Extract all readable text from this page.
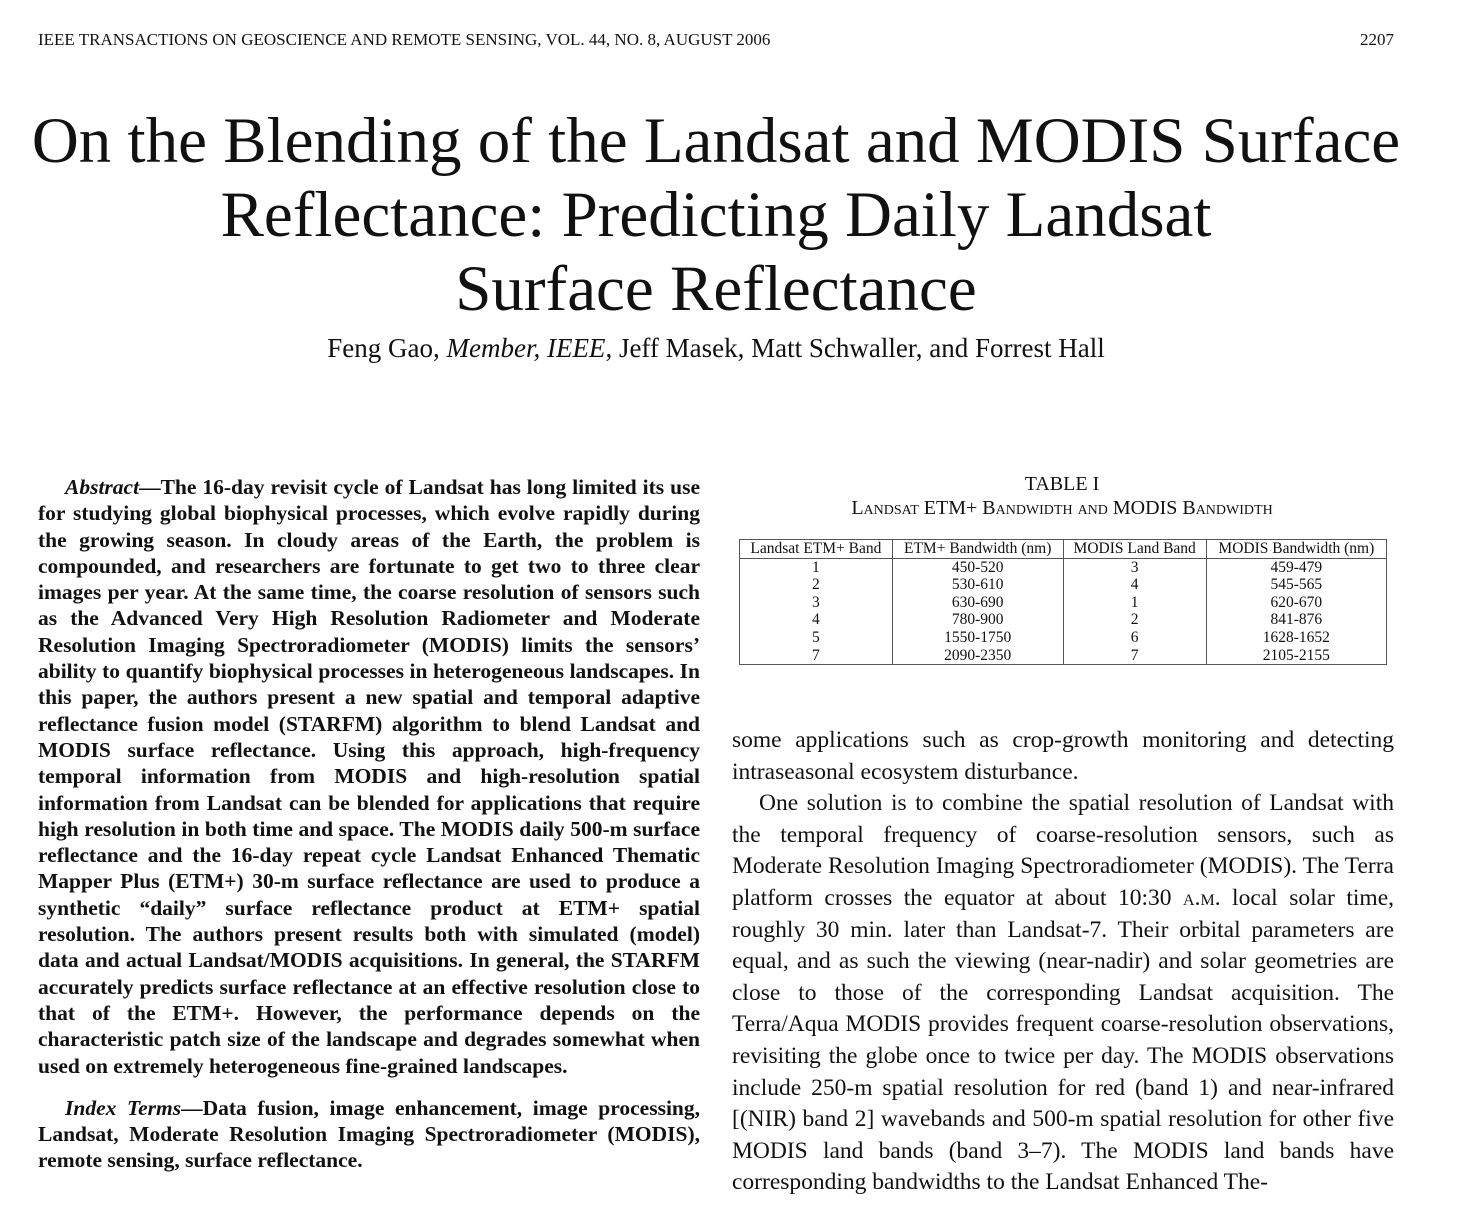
IEEE TRANSACTIONS ON GEOSCIENCE AND REMOTE SENSING, VOL. 44, NO. 8, AUGUST 2006	2207
On the Blending of the Landsat and MODIS Surface
Reflectance: Predicting Daily Landsat
Surface Reflectance
Feng Gao, Member, IEEE, Jeff Masek, Matt Schwaller, and Forrest Hall

Abstract—The 16-day revisit cycle of Landsat has long limited its use for studying global biophysical processes, which evolve rapidly during the growing season. In cloudy areas of the Earth, the problem is compounded, and researchers are fortunate to get two to three clear images per year. At the same time, the coarse resolution of sensors such as the Advanced Very High Resolution Radiometer and Moderate Resolution Imaging Spectroradiometer (MODIS) limits the sensors’ ability to quantify biophysical processes in heterogeneous landscapes. In this paper, the authors present a new spatial and temporal adaptive reflectance fusion model (STARFM) algorithm to blend Landsat and MODIS surface reflectance. Using this approach, high-frequency temporal information from MODIS and high-resolution spatial information from Landsat can be blended for applications that require high resolution in both time and space. The MODIS daily 500-m surface reflectance and the 16-day repeat cycle Landsat Enhanced Thematic Mapper Plus (ETM+) 30-m surface reflectance are used to produce a synthetic “daily” surface reflectance product at ETM+ spatial resolution. The authors present results both with simulated (model) data and actual Landsat/MODIS acquisitions. In general, the STARFM accurately predicts surface reflectance at an effective resolution close to that of the ETM+. However, the performance depends on the characteristic patch size of the landscape and degrades somewhat when used on extremely heterogeneous fine-grained landscapes.

Index Terms—Data fusion, image enhancement, image processing, Landsat, Moderate Resolution Imaging Spectroradiometer (MODIS), remote sensing, surface reflectance.

TABLE I
Landsat ETM+ Bandwidth and MODIS Bandwidth
Landsat ETM+ Band	ETM+ Bandwidth (nm)	MODIS Land Band	MODIS Bandwidth (nm)
1	450-520	3	459-479
2	530-610	4	545-565
3	630-690	1	620-670
4	780-900	2	841-876
5	1550-1750	6	1628-1652
7	2090-2350	7	2105-2155

some applications such as crop-growth monitoring and detecting intraseasonal ecosystem disturbance.

One solution is to combine the spatial resolution of Landsat with the temporal frequency of coarse-resolution sensors, such as Moderate Resolution Imaging Spectroradiometer (MODIS). The Terra platform crosses the equator at about 10:30 a.m. local solar time, roughly 30 min. later than Landsat-7. Their orbital parameters are equal, and as such the viewing (near-nadir) and solar geometries are close to those of the corresponding Landsat acquisition. The Terra/Aqua MODIS provides frequent coarse-resolution observations, revisiting the globe once to twice per day. The MODIS observations include 250-m spatial resolution for red (band 1) and near-infrared [(NIR) band 2] wavebands and 500-m spatial resolution for other five MODIS land bands (band 3–7). The MODIS land bands have corresponding bandwidths to the Landsat Enhanced The-
